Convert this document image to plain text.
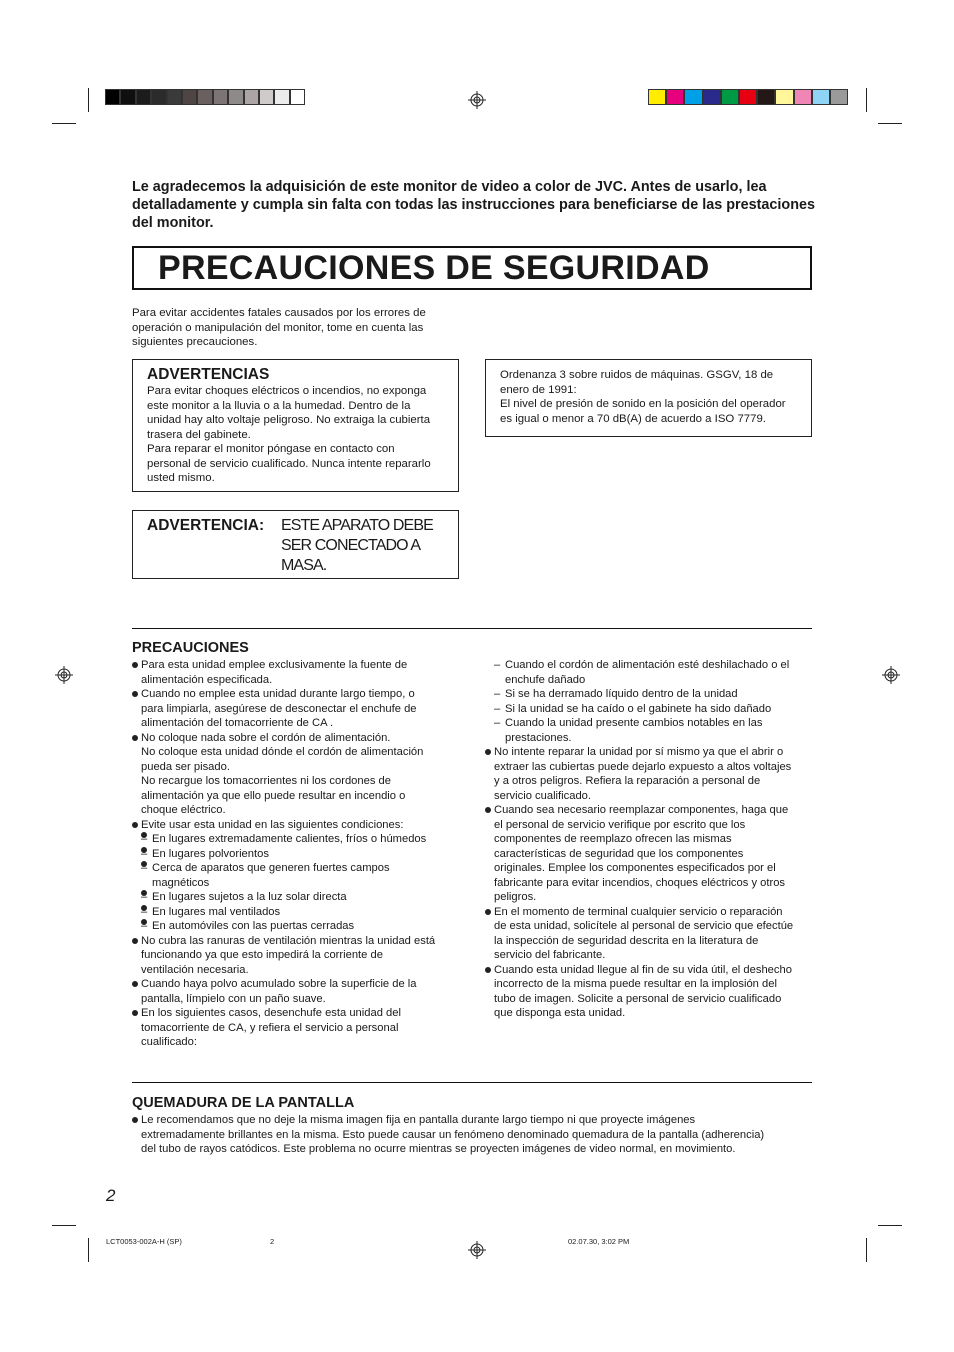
Le agradecemos la adquisición de este monitor de video a color de JVC. Antes de usarlo, lea detalladamente y cumpla sin falta con todas las instrucciones para beneficiarse de las prestaciones del monitor.
PRECAUCIONES DE SEGURIDAD
Para evitar accidentes fatales causados por los errores de
operación o manipulación del monitor, tome en cuenta las
siguientes precauciones.
ADVERTENCIAS
Para evitar choques eléctricos o incendios, no exponga
este monitor a la lluvia o a la humedad. Dentro de la
unidad hay alto voltaje peligroso. No extraiga la cubierta
trasera del gabinete.
Para reparar el monitor póngase en contacto con
personal de servicio cualificado. Nunca intente repararlo
usted mismo.
Ordenanza 3 sobre ruidos de máquinas. GSGV, 18 de
enero de 1991:
El nivel de presión de sonido en la posición del operador
es igual o menor a 70 dB(A) de acuerdo a ISO 7779.
ADVERTENCIA: ESTE APARATO DEBE
SER CONECTADO A
MASA.
PRECAUCIONES
Para esta unidad emplee exclusivamente la fuente de
alimentación especificada.
Cuando no emplee esta unidad durante largo tiempo, o
para limpiarla, asegúrese de desconectar el enchufe de
alimentación del tomacorriente de CA .
No coloque nada sobre el cordón de alimentación.
No coloque esta unidad dónde el cordón de alimentación
pueda ser pisado.
No recargue los tomacorrientes ni los cordones de
alimentación ya que ello puede resultar en incendio o
choque eléctrico.
Evite usar esta unidad en las siguientes condiciones:
– En lugares extremadamente calientes, fríos o húmedos
– En lugares polvorientos
– Cerca de aparatos que generen fuertes campos
magnéticos
– En lugares sujetos a la luz solar directa
– En lugares mal ventilados
– En automóviles con las puertas cerradas
No cubra las ranuras de ventilación mientras la unidad está
funcionando ya que esto impedirá la corriente de
ventilación necesaria.
Cuando haya polvo acumulado sobre la superficie de la
pantalla, límpielo con un paño suave.
En los siguientes casos, desenchufe esta unidad del
tomacorriente de CA, y refiera el servicio a personal
cualificado:
– Cuando el cordón de alimentación esté deshilachado o el
enchufe dañado
– Si se ha derramado líquido dentro de la unidad
– Si la unidad se ha caído o el gabinete ha sido dañado
– Cuando la unidad presente cambios notables en las
prestaciones.
No intente reparar la unidad por sí mismo ya que el abrir o
extraer las cubiertas puede dejarlo expuesto a altos voltajes
y a otros peligros. Refiera la reparación a personal de
servicio cualificado.
Cuando sea necesario reemplazar componentes, haga que
el personal de servicio verifique por escrito que los
componentes de reemplazo ofrecen las mismas
características de seguridad que los componentes
originales. Emplee los componentes especificados por el
fabricante para evitar incendios, choques eléctricos y otros
peligros.
En el momento de terminal cualquier servicio o reparación
de esta unidad, solicítele al personal de servicio que efectúe
la inspección de seguridad descrita en la literatura de
servicio del fabricante.
Cuando esta unidad llegue al fin de su vida útil, el deshecho
incorrecto de la misma puede resultar en la implosión del
tubo de imagen. Solicite a personal de servicio cualificado
que disponga esta unidad.
QUEMADURA DE LA PANTALLA
Le recomendamos que no deje la misma imagen fija en pantalla durante largo tiempo ni que proyecte imágenes
extremadamente brillantes en la misma. Esto puede causar un fenómeno denominado quemadura de la pantalla (adherencia)
del tubo de rayos catódicos. Este problema no ocurre mientras se proyecten imágenes de video normal, en movimiento.
2
LCT0053-002A-H (SP)	2	02.07.30, 3:02 PM
